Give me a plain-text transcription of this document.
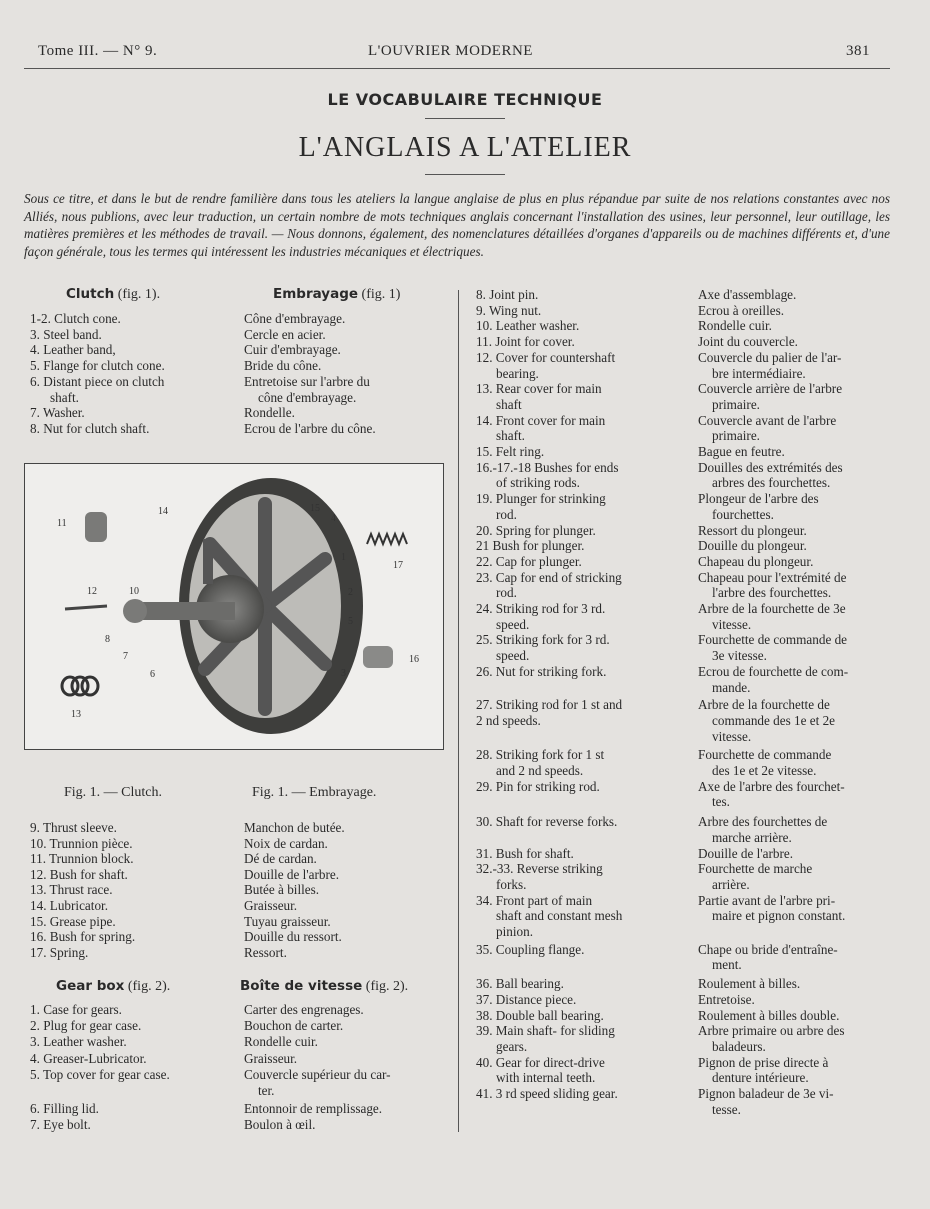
Tome III. — N° 9.	L'OUVRIER MODERNE	381
LE VOCABULAIRE TECHNIQUE
L'ANGLAIS A L'ATELIER
Sous ce titre, et dans le but de rendre familière dans tous les ateliers la langue anglaise de plus en plus répandue par suite de nos relations constantes avec nos Alliés, nous publions, avec leur traduction, un certain nombre de mots techniques anglais concernant l'installation des usines, leur personnel, leur outillage, les matières premières et les méthodes de travail. — Nous donnons, également, des nomenclatures détaillées d'organes d'appareils ou de machines différents et, d'une façon générale, tous les termes qui intéressent les industries mécaniques et électriques.
Clutch (fig. 1).	Embrayage (fig. 1)
1-2. Clutch cone.	Cône d'embrayage.
3. Steel band.	Cercle en acier.
4. Leather band,	Cuir d'embrayage.
5. Flange for clutch cone.	Bride du cône.
6. Distant piece on clutch	Entretoise sur l'arbre du
shaft.	cône d'embrayage.
7. Washer.	Rondelle.
8. Nut for clutch shaft.	Ecrou de l'arbre du cône.
11
12	10
8
7
6
13
14	15
4
1
2
5
3
17
16
Fig. 1. — Clutch.	Fig. 1. — Embrayage.
9. Thrust sleeve.	Manchon de butée.
10. Trunnion pièce.	Noix de cardan.
11. Trunnion block.	Dé de cardan.
12. Bush for shaft.	Douille de l'arbre.
13. Thrust race.	Butée à billes.
14. Lubricator.	Graisseur.
15. Grease pipe.	Tuyau graisseur.
16. Bush for spring.	Douille du ressort.
17. Spring.	Ressort.
Gear box (fig. 2).	Boîte de vitesse (fig. 2).
1. Case for gears.	Carter des engrenages.
2. Plug for gear case.	Bouchon de carter.
3. Leather washer.	Rondelle cuir.
4. Greaser-Lubricator.	Graisseur.
5. Top cover for gear case.	Couvercle supérieur du car-
ter.
6. Filling lid.	Entonnoir de remplissage.
7. Eye bolt.	Boulon à œil.
8. Joint pin.	Axe d'assemblage.
9. Wing nut.	Ecrou à oreilles.
10. Leather washer.	Rondelle cuir.
11. Joint for cover.	Joint du couvercle.
12. Cover for countershaft	Couvercle du palier de l'ar-
bearing.	bre intermédiaire.
13. Rear cover for main	Couvercle arrière de l'arbre
shaft	primaire.
14. Front cover for main	Couvercle avant de l'arbre
shaft.	primaire.
15. Felt ring.	Bague en feutre.
16.-17.-18 Bushes for ends	Douilles des extrémités des
of striking rods.	arbres des fourchettes.
19. Plunger for strinking	Plongeur de l'arbre des
rod.	fourchettes.
20. Spring for plunger.	Ressort du plongeur.
21 Bush for plunger.	Douille du plongeur.
22. Cap for plunger.	Chapeau du plongeur.
23. Cap for end of stricking	Chapeau pour l'extrémité de
rod.	l'arbre des fourchettes.
24. Striking rod for 3 rd.	Arbre de la fourchette de 3e
speed.	vitesse.
25. Striking fork for 3 rd.	Fourchette de commande de
speed.	3e vitesse.
26. Nut for striking fork.	Ecrou de fourchette de com-
mande.
27. Striking rod for 1 st and	Arbre de la fourchette de
2 nd speeds.	commande des 1e et 2e
vitesse.
28. Striking fork for 1 st	Fourchette de commande
and 2 nd speeds.	des 1e et 2e vitesse.
29. Pin for striking rod.	Axe de l'arbre des fourchet-
tes.
30. Shaft for reverse forks.	Arbre des fourchettes de
marche arrière.
31. Bush for shaft.	Douille de l'arbre.
32.-33. Reverse striking	Fourchette de marche
forks.	arrière.
34. Front part of main	Partie avant de l'arbre pri-
shaft and constant mesh	maire et pignon constant.
pinion.
35. Coupling flange.	Chape ou bride d'entraîne-
ment.
36. Ball bearing.	Roulement à billes.
37. Distance piece.	Entretoise.
38. Double ball bearing.	Roulement à billes double.
39. Main shaft- for sliding	Arbre primaire ou arbre des
gears.	baladeurs.
40. Gear for direct-drive	Pignon de prise directe à
with internal teeth.	denture intérieure.
41. 3 rd speed sliding gear.	Pignon baladeur de 3e vi-
tesse.
